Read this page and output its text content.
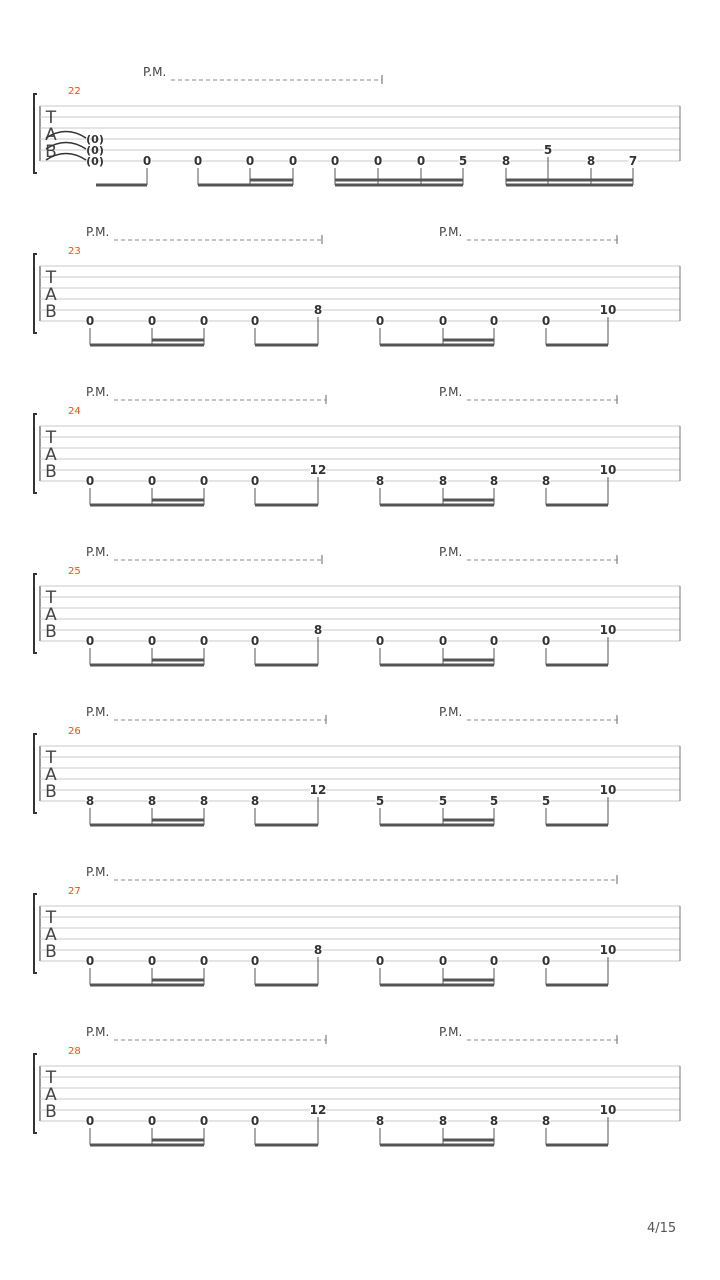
T
A
B
22
P.M.
(0)
(0)
(0)	0	0	0	0	0	0	0	5	8
5
8	7
T
A
B
23
P.M.	P.M.
0	0	0	0
8
0	0	0	0
10
T
A
B
24
P.M.	P.M.
0	0	0	0
12
8	8	8	8
10
T
A
B
25
P.M.	P.M.
0	0	0	0
8
0	0	0	0
10
T
A
B
26
P.M.	P.M.
8	8	8	8
12
5	5	5	5
10
T
A
B
27
P.M.
0	0	0	0
8
0	0	0	0
10
T
A
B
28
P.M.	P.M.
0	0	0	0
12
8	8	8	8
10
4/15
